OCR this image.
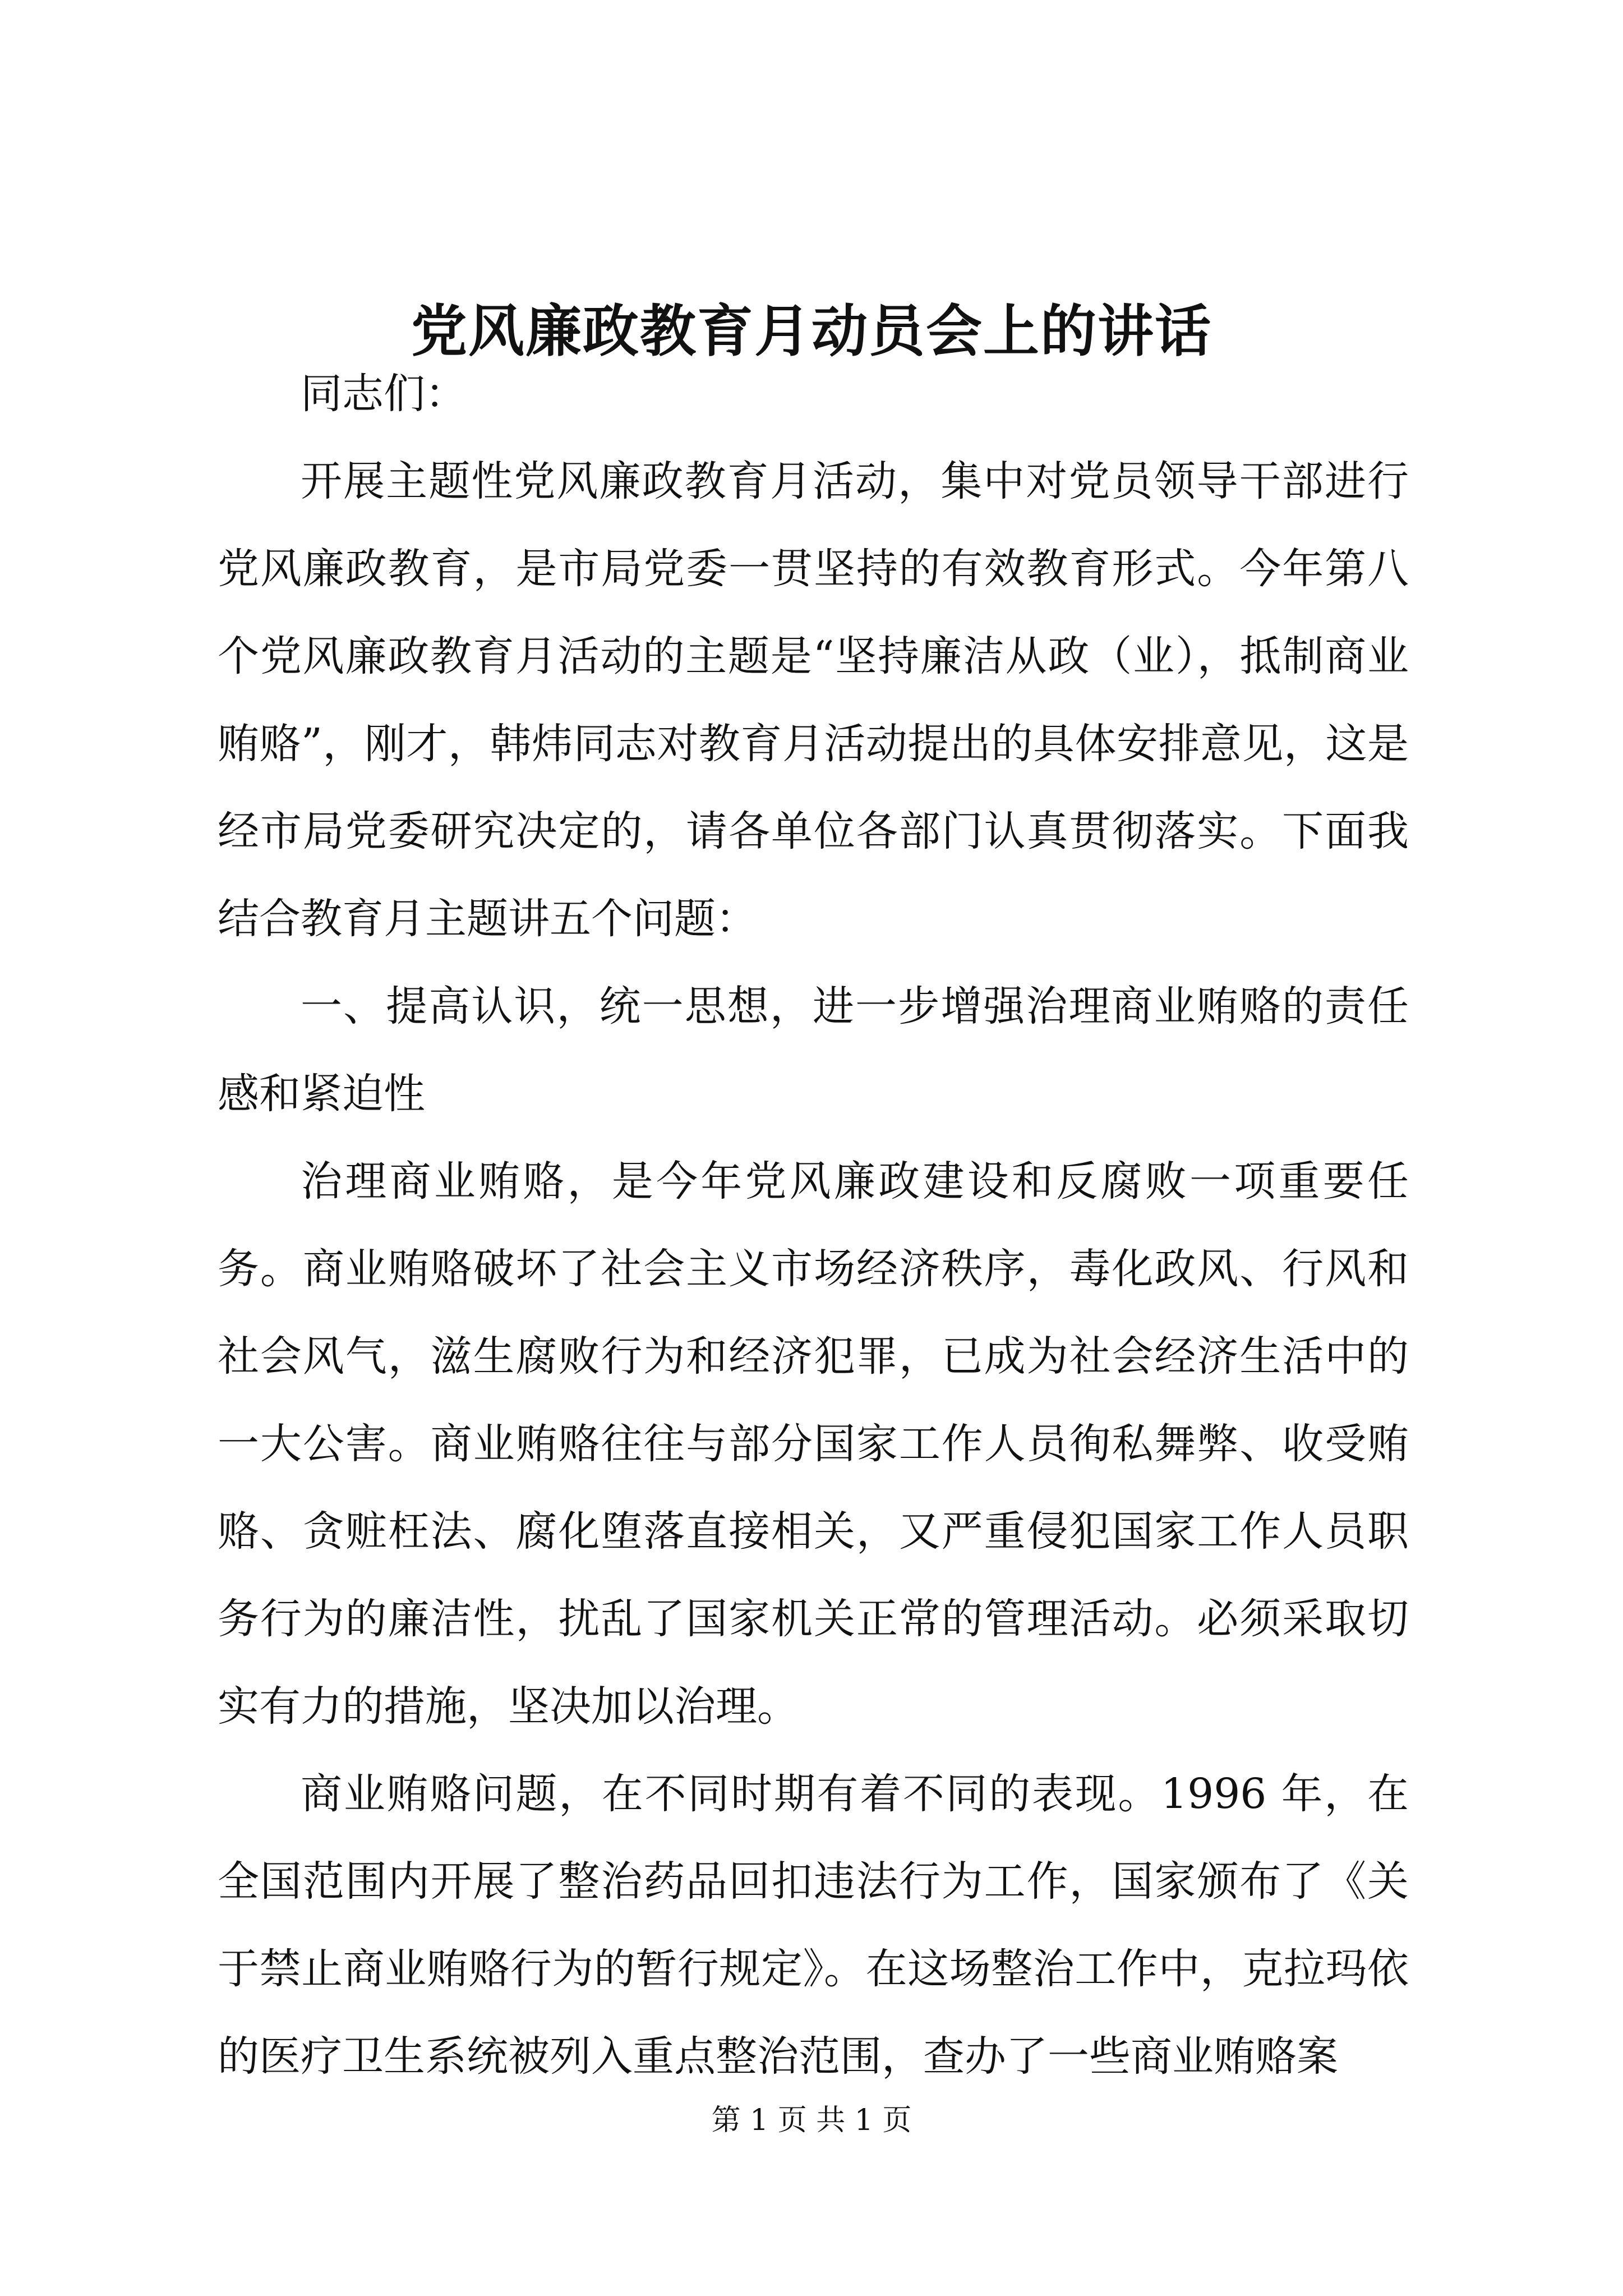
党风廉政教育月动员会上的讲话

同志们：

开展主题性党风廉政教育月活动，集中对党员领导干部进行党风廉政教育，是市局党委一贯坚持的有效教育形式。今年第八个党风廉政教育月活动的主题是“坚持廉洁从政（业），抵制商业贿赂”，刚才，韩炜同志对教育月活动提出的具体安排意见，这是经市局党委研究决定的，请各单位各部门认真贯彻落实。下面我结合教育月主题讲五个问题：

一、提高认识，统一思想，进一步增强治理商业贿赂的责任感和紧迫性

治理商业贿赂，是今年党风廉政建设和反腐败一项重要任务。商业贿赂破坏了社会主义市场经济秩序，毒化政风、行风和社会风气，滋生腐败行为和经济犯罪，已成为社会经济生活中的一大公害。商业贿赂往往与部分国家工作人员徇私舞弊、收受贿赂、贪赃枉法、腐化堕落直接相关，又严重侵犯国家工作人员职务行为的廉洁性，扰乱了国家机关正常的管理活动。必须采取切实有力的措施，坚决加以治理。

商业贿赂问题，在不同时期有着不同的表现。1996 年，在全国范围内开展了整治药品回扣违法行为工作，国家颁布了《关于禁止商业贿赂行为的暂行规定》。在这场整治工作中，克拉玛依的医疗卫生系统被列入重点整治范围，查办了一些商业贿赂案

第 1 页 共 1 页
